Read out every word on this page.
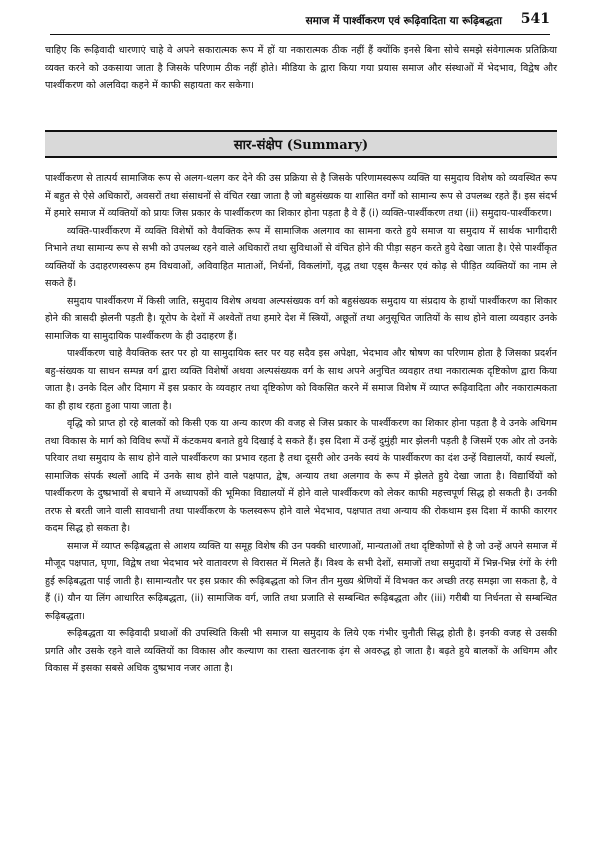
समाज में पार्श्वीकरण एवं रूढ़िवादिता या रूढ़िबद्धता 541

चाहिए कि रूढ़िवादी धारणाएं चाहे वे अपने सकारात्मक रूप में हों या नकारात्मक ठीक नहीं हैं क्योंकि इनसे बिना सोचे समझे संवेगात्मक प्रतिक्रिया व्यक्त करने को उकसाया जाता है जिसके परिणाम ठीक नहीं होते। मीडिया के द्वारा किया गया प्रयास समाज और संस्थाओं में भेदभाव, विद्वेष और पार्श्वीकरण को अलविदा कहने में काफी सहायता कर सकेगा।

सार-संक्षेप (Summary)

पार्श्वीकरण से तात्पर्य सामाजिक रूप से अलग-थलग कर देने की उस प्रक्रिया से है जिसके परिणामस्वरूप व्यक्ति या समुदाय विशेष को व्यवस्थित रूप में बहुत से ऐसे अधिकारों, अवसरों तथा संसाधनों से वंचित रखा जाता है जो बहुसंख्यक या शासित वर्गों को सामान्य रूप से उपलब्ध रहते हैं। इस संदर्भ में हमारे समाज में व्यक्तियों को प्रायः जिस प्रकार के पार्श्वीकरण का शिकार होना पड़ता है वे हैं (i) व्यक्ति-पार्श्वीकरण तथा (ii) समुदाय-पार्श्वीकरण।

व्यक्ति-पार्श्वीकरण में व्यक्ति विशेषों को वैयक्तिक रूप में सामाजिक अलगाव का सामना करते हुये समाज या समुदाय में सार्थक भागीदारी निभाने तथा सामान्य रूप से सभी को उपलब्ध रहने वाले अधिकारों तथा सुविधाओं से वंचित होने की पीड़ा सहन करते हुये देखा जाता है। ऐसे पार्श्वीकृत व्यक्तियों के उदाहरणस्वरूप हम विधवाओं, अविवाहित माताओं, निर्धनों, विकलांगों, वृद्ध तथा एड्स कैन्सर एवं कोढ़ से पीड़ित व्यक्तियों का नाम ले सकते हैं।

समुदाय पार्श्वीकरण में किसी जाति, समुदाय विशेष अथवा अल्पसंख्यक वर्ग को बहुसंख्यक समुदाय या संप्रदाय के हाथों पार्श्वीकरण का शिकार होने की त्रासदी झेलनी पड़ती है। यूरोप के देशों में अश्वेतों तथा हमारे देश में स्त्रियों, अछूतों तथा अनुसूचित जातियों के साथ होने वाला व्यवहार उनके सामाजिक या सामुदायिक पार्श्वीकरण के ही उदाहरण हैं।

पार्श्वीकरण चाहे वैयक्तिक स्तर पर हो या सामुदायिक स्तर पर यह सदैव इस अपेक्षा, भेदभाव और षोषण का परिणाम होता है जिसका प्रदर्शन बहु-संख्यक या साधन सम्पन्न वर्ग द्वारा व्यक्ति विशेषों अथवा अल्पसंख्यक वर्ग के साथ अपने अनुचित व्यवहार तथा नकारात्मक दृष्टिकोण द्वारा किया जाता है। उनके दिल और दिमाग में इस प्रकार के व्यवहार तथा दृष्टिकोण को विकसित करने में समाज विशेष में व्याप्त रूढ़िवादिता और नकारात्मकता का ही हाथ रहता हुआ पाया जाता है।

वृद्धि को प्राप्त हो रहे बालकों को किसी एक या अन्य कारण की वजह से जिस प्रकार के पार्श्वीकरण का शिकार होना पड़ता है वे उनके अधिगम तथा विकास के मार्ग को विविध रूपों में कंटकमय बनाते हुये दिखाई दे सकते हैं। इस दिशा में उन्हें दुमुंही मार झेलनी पड़ती है जिसमें एक ओर तो उनके परिवार तथा समुदाय के साथ होने वाले पार्श्वीकरण का प्रभाव रहता है तथा दूसरी ओर उनके स्वयं के पार्श्वीकरण का दंश उन्हें विद्यालयों, कार्य स्थलों, सामाजिक संपर्क स्थलों आदि में उनके साथ होने वाले पक्षपात, द्वेष, अन्याय तथा अलगाव के रूप में झेलते हुये देखा जाता है। विद्यार्थियों को पार्श्वीकरण के दुष्प्रभावों से बचाने में अध्यापकों की भूमिका विद्यालयों में होने वाले पार्श्वीकरण को लेकर काफी महत्त्वपूर्ण सिद्ध हो सकती है। उनकी तरफ से बरती जाने वाली सावधानी तथा पार्श्वीकरण के फलस्वरूप होने वाले भेदभाव, पक्षपात तथा अन्याय की रोकथाम इस दिशा में काफी कारगर कदम सिद्ध हो सकता है।

समाज में व्याप्त रूढ़िबद्धता से आशय व्यक्ति या समूह विशेष की उन पक्की धारणाओं, मान्यताओं तथा दृष्टिकोणों से है जो उन्हें अपने समाज में मौजूद पक्षपात, घृणा, विद्वेष तथा भेदभाव भरे वातावरण से विरासत में मिलते हैं। विश्व के सभी देशों, समाजों तथा समुदायों में भिन्न-भिन्न रंगों के रंगी हुई रूढ़िबद्धता पाई जाती है। सामान्यतौर पर इस प्रकार की रूढ़िबद्धता को जिन तीन मुख्य श्रेणियों में विभक्त कर अच्छी तरह समझा जा सकता है, वे हैं (i) यौन या लिंग आधारित रूढ़िबद्धता, (ii) सामाजिक वर्ग, जाति तथा प्रजाति से सम्बन्धित रूढ़िबद्धता और (iii) गरीबी या निर्धनता से सम्बन्धित रूढ़िबद्धता।

रूढ़िबद्धता या रूढ़िवादी प्रथाओं की उपस्थिति किसी भी समाज या समुदाय के लिये एक गंभीर चुनौती सिद्ध होती है। इनकी वजह से उसकी प्रगति और उसके रहने वाले व्यक्तियों का विकास और कल्याण का रास्ता खतरनाक ढ़ंग से अवरुद्ध हो जाता है। बढ़ते हुये बालकों के अधिगम और विकास में इसका सबसे अधिक दुष्प्रभाव नजर आता है।
